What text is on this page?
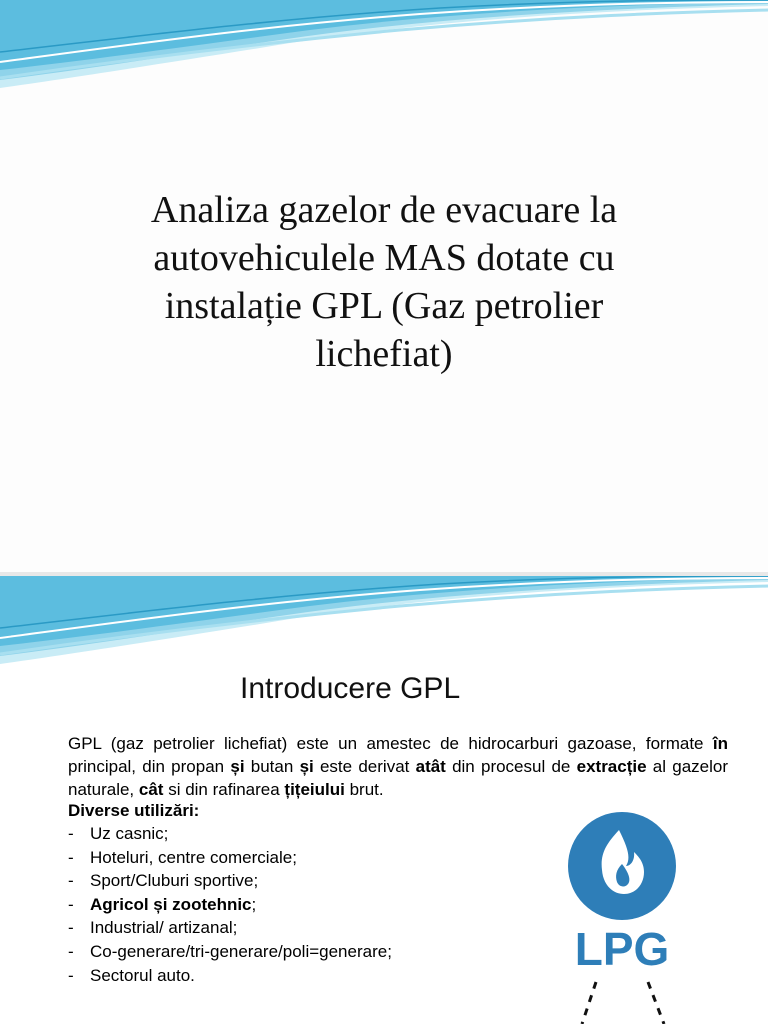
Analiza gazelor de evacuare la
autovehiculele MAS dotate cu
instalație GPL (Gaz petrolier
lichefiat)
Introducere GPL
GPL (gaz petrolier lichefiat) este un amestec de hidrocarburi gazoase, formate în principal, din propan și butan și este derivat atât din procesul de extracție al gazelor naturale, cât si din rafinarea țițeiului brut.
Diverse utilizări:
- Uz casnic;
- Hoteluri, centre comerciale;
- Sport/Cluburi sportive;
- Agricol și zootehnic;
- Industrial/ artizanal;
- Co-generare/tri-generare/poli=generare;
- Sectorul auto.
LPG
